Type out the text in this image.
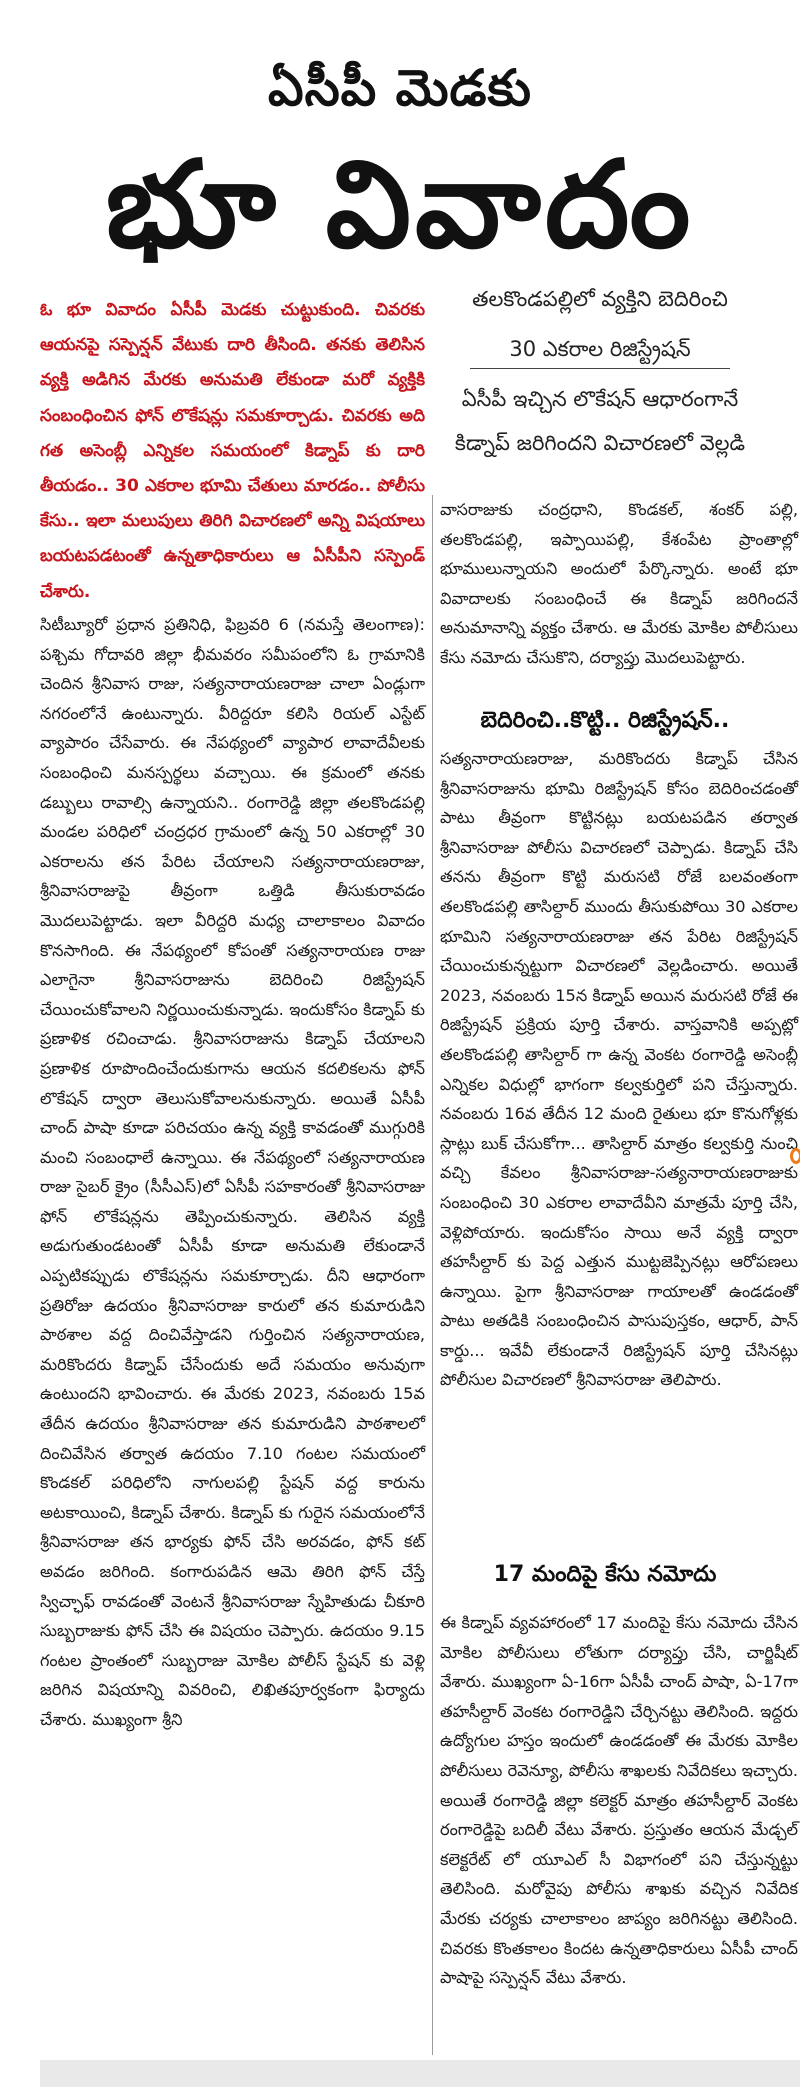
ఏసీపీ మెడకు
భూ వివాదం

ఓ భూ వివాదం ఏసీపీ మెడకు చుట్టుకుంది. చివరకు ఆయనపై సస్పెన్షన్ వేటుకు దారి తీసింది. తనకు తెలిసిన వ్యక్తి అడిగిన మేరకు అనుమతి లేకుండా మరో వ్యక్తికి సంబంధించిన ఫోన్ లొకేషన్లు సమకూర్చాడు. చివరకు అది గత అసెంబ్లీ ఎన్నికల సమయంలో కిడ్నాప్ కు దారి తీయడం.. 30 ఎకరాల భూమి చేతులు మారడం.. పోలీసు కేసు.. ఇలా మలుపులు తిరిగి విచారణలో అన్ని విషయాలు బయటపడటంతో ఉన్నతాధికారులు ఆ ఏసీపీని సస్పెండ్ చేశారు.

తలకొండపల్లిలో వ్యక్తిని బెదిరించి

30 ఎకరాల రిజిస్ట్రేషన్

ఏసీపీ ఇచ్చిన లొకేషన్ ఆధారంగానే

కిడ్నాప్ జరిగిందని విచారణలో వెల్లడి

సిటీబ్యూరో ప్రధాన ప్రతినిధి, ఫిబ్రవరి 6 (నమస్తే తెలంగాణ): పశ్చిమ గోదావరి జిల్లా భీమవరం సమీపంలోని ఓ గ్రామానికి చెందిన శ్రీనివాస రాజు, సత్యనారాయణరాజు చాలా ఏండ్లుగా నగరంలోనే ఉంటున్నారు. వీరిద్దరూ కలిసి రియల్ ఎస్టేట్ వ్యాపారం చేసేవారు. ఈ నేపథ్యంలో వ్యాపార లావాదేవీలకు సంబంధించి మనస్పర్థలు వచ్చాయి. ఈ క్రమంలో తనకు డబ్బులు రావాల్సి ఉన్నాయని.. రంగారెడ్డి జిల్లా తలకొండపల్లి మండల పరిధిలో చంద్రధర గ్రామంలో ఉన్న 50 ఎకరాల్లో 30 ఎకరాలను తన పేరిట చేయాలని సత్యనారాయణరాజు, శ్రీనివాసరాజుపై తీవ్రంగా ఒత్తిడి తీసుకురావడం మొదలుపెట్టాడు. ఇలా వీరిద్దరి మధ్య చాలాకాలం వివాదం కొనసాగింది. ఈ నేపథ్యంలో కోపంతో సత్యనారాయణ రాజు ఎలాగైనా శ్రీనివాసరాజును బెదిరించి రిజిస్ట్రేషన్ చేయించుకోవాలని నిర్ణయించుకున్నాడు. ఇందుకోసం కిడ్నాప్ కు ప్రణాళిక రచించాడు. శ్రీనివాసరాజును కిడ్నాప్ చేయాలని ప్రణాళిక రూపొందించేందుకుగాను ఆయన కదలికలను ఫోన్ లొకేషన్ ద్వారా తెలుసుకోవాలనుకున్నారు. అయితే ఏసీపీ చాంద్ పాషా కూడా పరిచయం ఉన్న వ్యక్తి కావడంతో ముగ్గురికి మంచి సంబంధాలే ఉన్నాయి. ఈ నేపథ్యంలో సత్యనారాయణ రాజు సైబర్ క్రైం (సీసీఎస్)లో ఏసీపీ సహకారంతో శ్రీనివాసరాజు ఫోన్ లొకేషన్లను తెప్పించుకున్నారు. తెలిసిన వ్యక్తి అడుగుతుండటంతో ఏసీపీ కూడా అనుమతి లేకుండానే ఎప్పటికప్పుడు లొకేషన్లను సమకూర్చాడు. దీని ఆధారంగా ప్రతిరోజు ఉదయం శ్రీనివాసరాజు కారులో తన కుమారుడిని పాఠశాల వద్ద దించివేస్తాడని గుర్తించిన సత్యనారాయణ, మరికొందరు కిడ్నాప్ చేసేందుకు అదే సమయం అనువుగా ఉంటుందని భావించారు. ఈ మేరకు 2023, నవంబరు 15వ తేదీన ఉదయం శ్రీనివాసరాజు తన కుమారుడిని పాఠశాలలో దించివేసిన తర్వాత ఉదయం 7.10 గంటల సమయంలో కొండకల్ పరిధిలోని నాగులపల్లి స్టేషన్ వద్ద కారును అటకాయించి, కిడ్నాప్ చేశారు. కిడ్నాప్ కు గురైన సమయంలోనే శ్రీనివాసరాజు తన భార్యకు ఫోన్ చేసి అరవడం, ఫోన్ కట్ అవడం జరిగింది. కంగారుపడిన ఆమె తిరిగి ఫోన్ చేస్తే స్విచ్ఛాఫ్ రావడంతో వెంటనే శ్రీనివాసరాజు స్నేహితుడు చీకూరి సుబ్బరాజుకు ఫోన్ చేసి ఈ విషయం చెప్పారు. ఉదయం 9.15 గంటల ప్రాంతంలో సుబ్బరాజు మోకిల పోలీస్ స్టేషన్ కు వెళ్లి జరిగిన విషయాన్ని వివరించి, లిఖితపూర్వకంగా ఫిర్యాదు చేశారు. ముఖ్యంగా శ్రీని

వాసరాజుకు చంద్రధాని, కొండకల్, శంకర్ పల్లి, తలకొండపల్లి, ఇప్పాయిపల్లి, కేశంపేట ప్రాంతాల్లో భూములున్నాయని అందులో పేర్కొన్నారు. అంటే భూ వివాదాలకు సంబంధించే ఈ కిడ్నాప్ జరిగిందనే అనుమానాన్ని వ్యక్తం చేశారు. ఆ మేరకు మోకిల పోలీసులు కేసు నమోదు చేసుకొని, దర్యాప్తు మొదలుపెట్టారు.

బెదిరించి..కొట్టి.. రిజిస్ట్రేషన్..

సత్యనారాయణరాజు, మరికొందరు కిడ్నాప్ చేసిన శ్రీనివాసరాజును భూమి రిజిస్ట్రేషన్ కోసం బెదిరించడంతో పాటు తీవ్రంగా కొట్టినట్లు బయటపడిన తర్వాత శ్రీనివాసరాజు పోలీసు విచారణలో చెప్పాడు. కిడ్నాప్ చేసి తనను తీవ్రంగా కొట్టి మరుసటి రోజే బలవంతంగా తలకొండపల్లి తాసిల్దార్ ముందు తీసుకుపోయి 30 ఎకరాల భూమిని సత్యనారాయణరాజు తన పేరిట రిజిస్ట్రేషన్ చేయించుకున్నట్టుగా విచారణలో వెల్లడించారు. అయితే 2023, నవంబరు 15న కిడ్నాప్ అయిన మరుసటి రోజే ఈ రిజిస్ట్రేషన్ ప్రక్రియ పూర్తి చేశారు. వాస్తవానికి అప్పట్లో తలకొండపల్లి తాసిల్దార్ గా ఉన్న వెంకట రంగారెడ్డి అసెంబ్లీ ఎన్నికల విధుల్లో భాగంగా కల్వకుర్తిలో పని చేస్తున్నారు. నవంబరు 16వ తేదీన 12 మంది రైతులు భూ కొనుగోళ్లకు స్లాట్లు బుక్ చేసుకోగా... తాసిల్దార్ మాత్రం కల్వకుర్తి నుంచి వచ్చి కేవలం శ్రీనివాసరాజు-సత్యనారాయణరాజుకు సంబంధించి 30 ఎకరాల లావాదేవీని మాత్రమే పూర్తి చేసి, వెళ్లిపోయారు. ఇందుకోసం సాయి అనే వ్యక్తి ద్వారా తహసీల్దార్ కు పెద్ద ఎత్తున ముట్టజెప్పినట్లు ఆరోపణలు ఉన్నాయి. పైగా శ్రీనివాసరాజు గాయాలతో ఉండడంతో పాటు అతడికి సంబంధించిన పాసుపుస్తకం, ఆధార్, పాన్ కార్డు... ఇవేవీ లేకుండానే రిజిస్ట్రేషన్ పూర్తి చేసినట్లు పోలీసుల విచారణలో శ్రీనివాసరాజు తెలిపారు.

17 మందిపై కేసు నమోదు

ఈ కిడ్నాప్ వ్యవహారంలో 17 మందిపై కేసు నమోదు చేసిన మోకిల పోలీసులు లోతుగా దర్యాప్తు చేసి, చార్జిషీట్ వేశారు. ముఖ్యంగా ఏ-16గా ఏసీపీ చాంద్ పాషా, ఏ-17గా తహసీల్దార్ వెంకట రంగారెడ్డిని చేర్చినట్టు తెలిసింది. ఇద్దరు ఉద్యోగుల హస్తం ఇందులో ఉండడంతో ఈ మేరకు మోకిల పోలీసులు రెవెన్యూ, పోలీసు శాఖలకు నివేదికలు ఇచ్చారు. అయితే రంగారెడ్డి జిల్లా కలెక్టర్ మాత్రం తహసీల్దార్ వెంకట రంగారెడ్డిపై బదిలీ వేటు వేశారు. ప్రస్తుతం ఆయన మేడ్చల్ కలెక్టరేట్ లో యూఎల్ సీ విభాగంలో పని చేస్తున్నట్టు తెలిసింది. మరోవైపు పోలీసు శాఖకు వచ్చిన నివేదిక మేరకు చర్యకు చాలాకాలం జాప్యం జరిగినట్టు తెలిసింది. చివరకు కొంతకాలం కిందట ఉన్నతాధికారులు ఏసీపీ చాంద్ పాషాపై సస్పెన్షన్ వేటు వేశారు.
